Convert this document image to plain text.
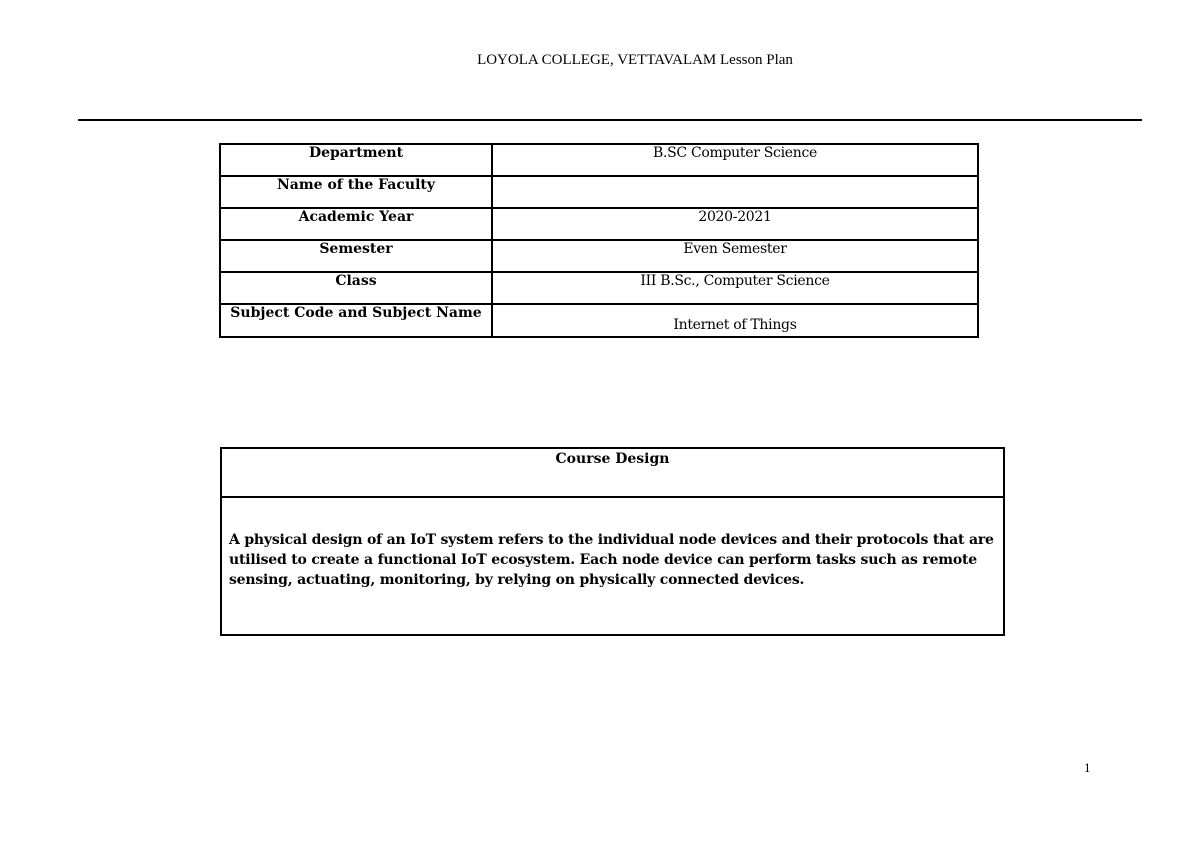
LOYOLA COLLEGE, VETTAVALAM Lesson Plan
Department	B.SC Computer Science
Name of the Faculty	
Academic Year	2020-2021
Semester	Even Semester
Class	III B.Sc., Computer Science
Subject Code and Subject Name	Internet of Things
Course Design
A physical design of an IoT system refers to the individual node devices and their protocols that are utilised to create a functional IoT ecosystem. Each node device can perform tasks such as remote sensing, actuating, monitoring, by relying on physically connected devices.
1
